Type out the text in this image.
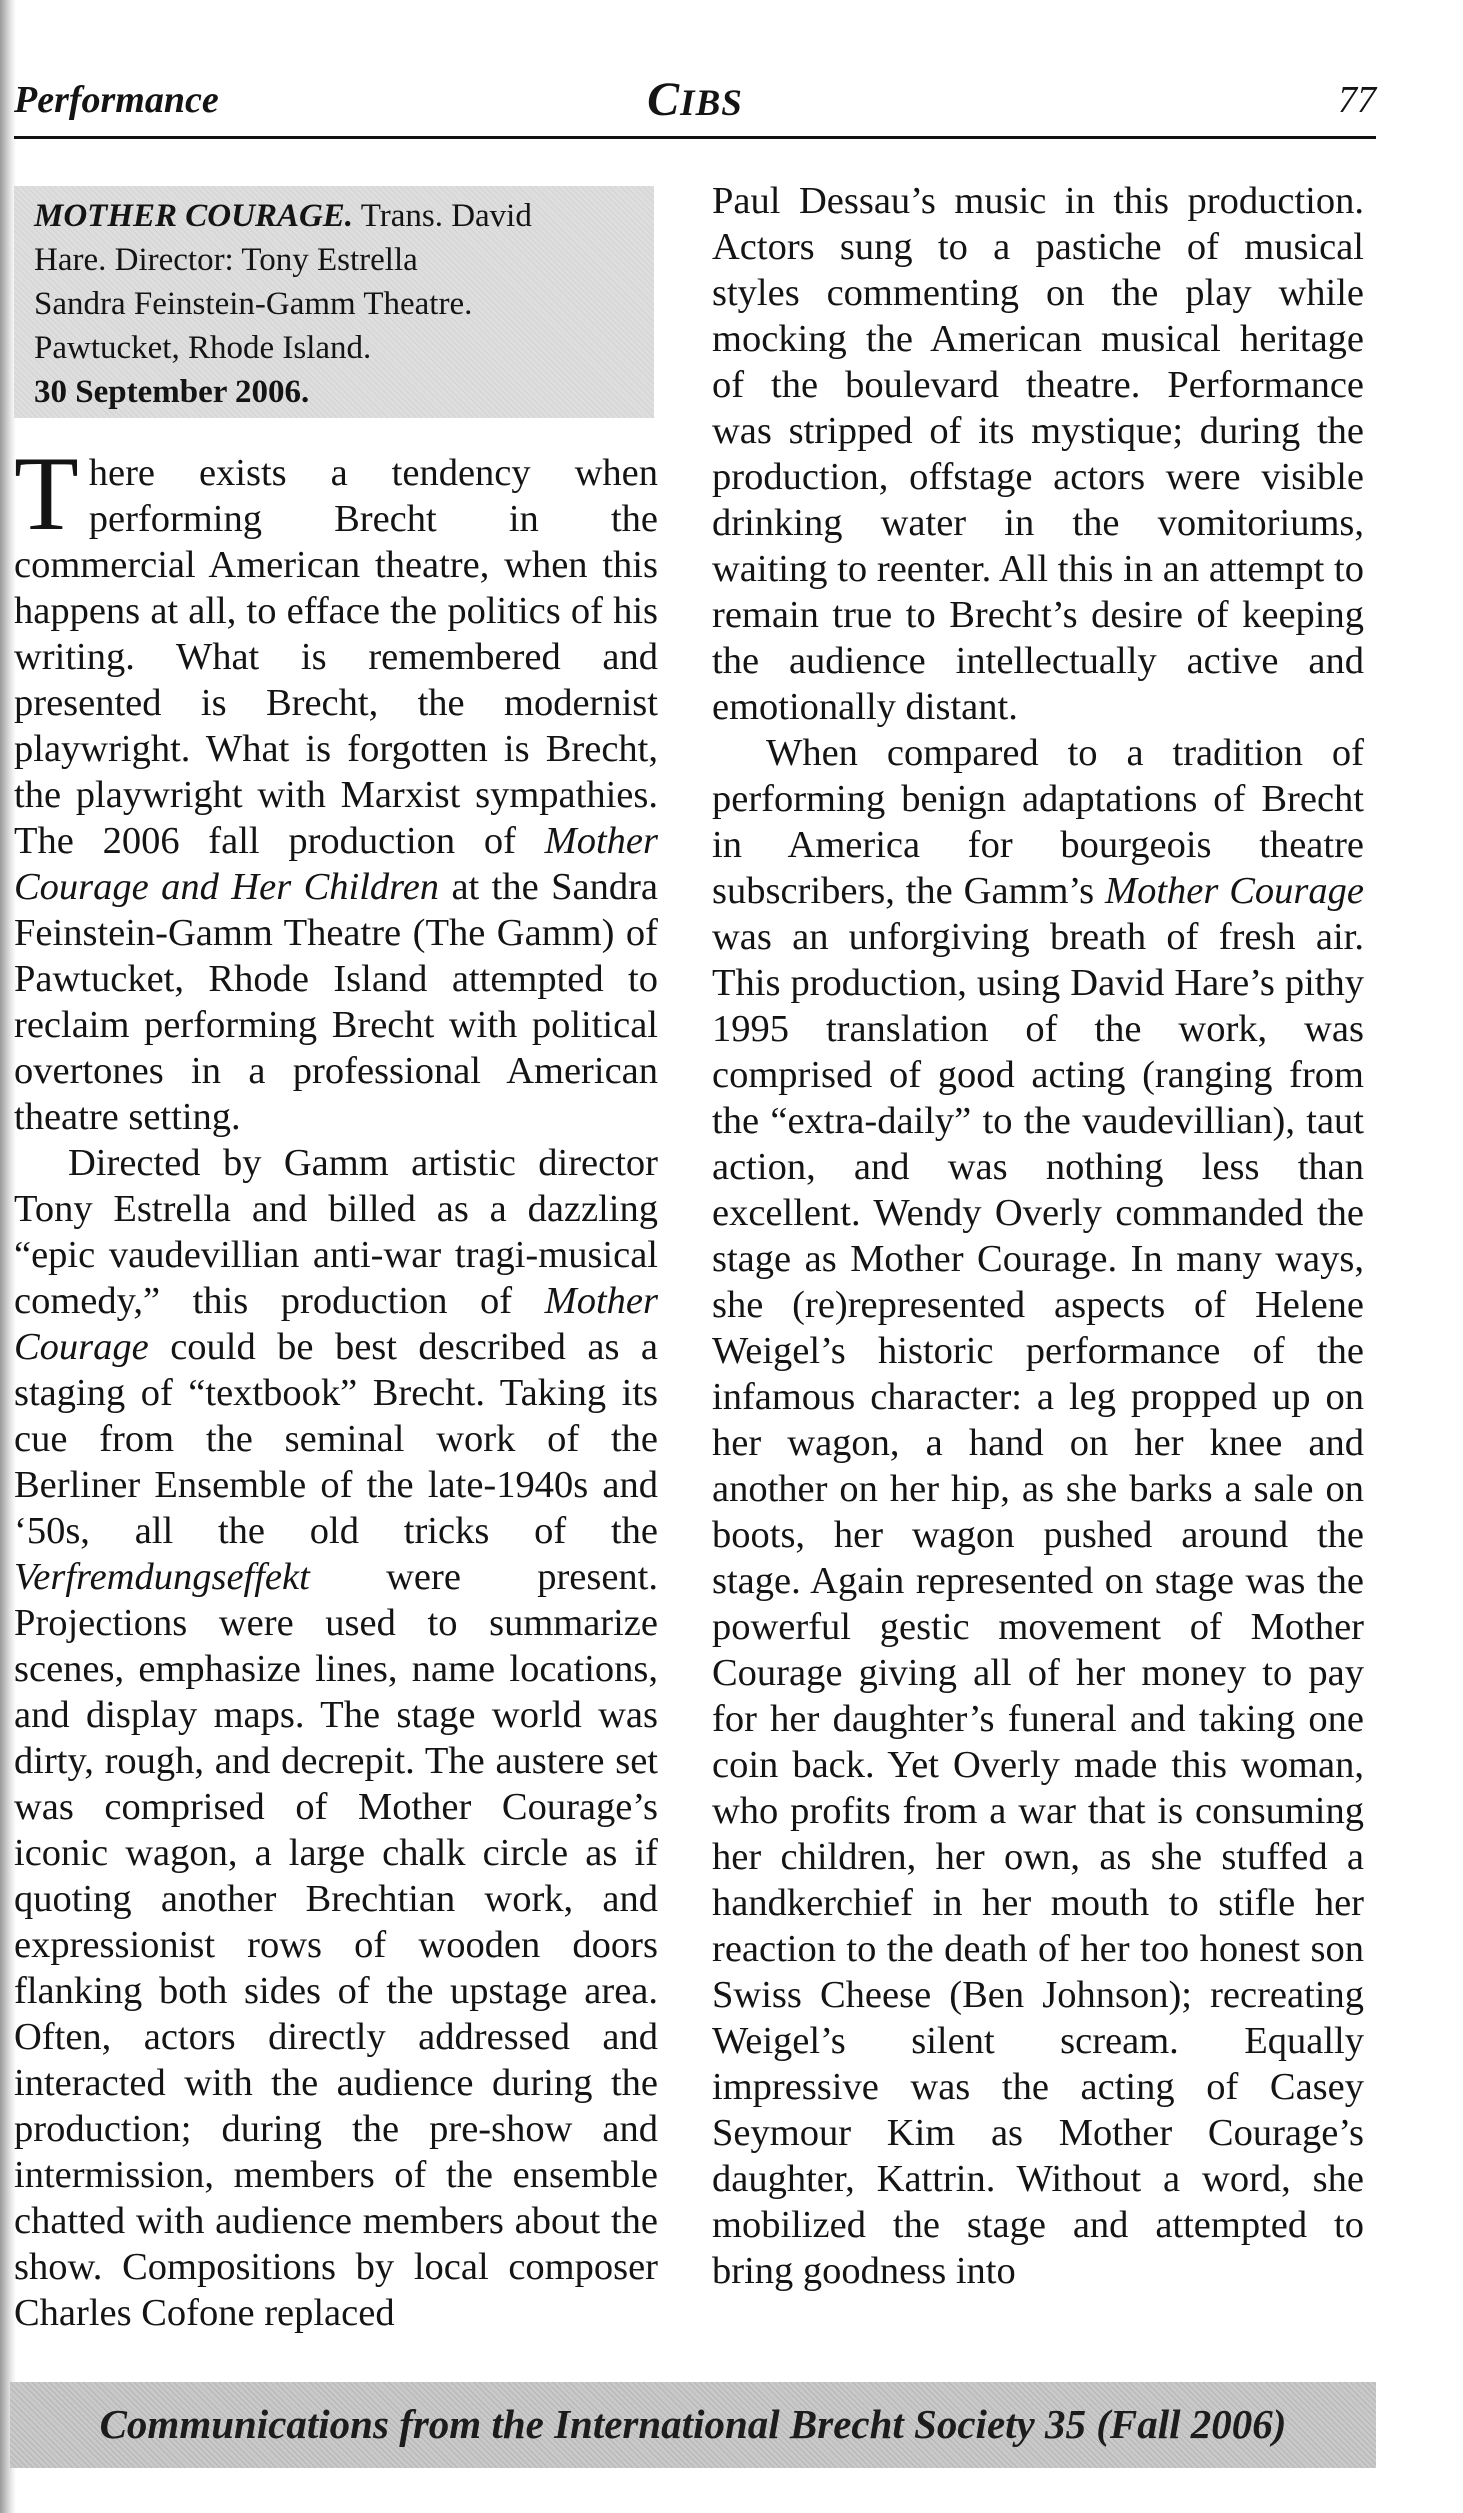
Performance	CIBS	77
MOTHER COURAGE. Trans. David
Hare. Director: Tony Estrella
Sandra Feinstein-Gamm Theatre.
Pawtucket, Rhode Island.
30 September 2006.

There exists a tendency when performing Brecht in the commercial American theatre, when this happens at all, to efface the politics of his writing. What is remembered and presented is Brecht, the modernist playwright. What is forgotten is Brecht, the playwright with Marxist sympathies. The 2006 fall production of Mother Courage and Her Children at the Sandra Feinstein-Gamm Theatre (The Gamm) of Pawtucket, Rhode Island attempted to reclaim performing Brecht with political overtones in a professional American theatre setting.

Directed by Gamm artistic director Tony Estrella and billed as a dazzling “epic vaudevillian anti-war tragi-musical comedy,” this production of Mother Courage could be best described as a staging of “textbook” Brecht. Taking its cue from the seminal work of the Berliner Ensemble of the late-1940s and ‘50s, all the old tricks of the Verfremdungseffekt were present. Projections were used to summarize scenes, emphasize lines, name locations, and display maps. The stage world was dirty, rough, and decrepit. The austere set was comprised of Mother Courage’s iconic wagon, a large chalk circle as if quoting another Brechtian work, and expressionist rows of wooden doors flanking both sides of the upstage area. Often, actors directly addressed and interacted with the audience during the production; during the pre-show and intermission, members of the ensemble chatted with audience members about the show. Compositions by local composer Charles Cofone replaced

Paul Dessau’s music in this production. Actors sung to a pastiche of musical styles commenting on the play while mocking the American musical heritage of the boulevard theatre. Performance was stripped of its mystique; during the production, offstage actors were visible drinking water in the vomitoriums, waiting to reenter. All this in an attempt to remain true to Brecht’s desire of keeping the audience intellectually active and emotionally distant.

When compared to a tradition of performing benign adaptations of Brecht in America for bourgeois theatre subscribers, the Gamm’s Mother Courage was an unforgiving breath of fresh air. This production, using David Hare’s pithy 1995 translation of the work, was comprised of good acting (ranging from the “extra-daily” to the vaudevillian), taut action, and was nothing less than excellent. Wendy Overly commanded the stage as Mother Courage. In many ways, she (re)represented aspects of Helene Weigel’s historic performance of the infamous character: a leg propped up on her wagon, a hand on her knee and another on her hip, as she barks a sale on boots, her wagon pushed around the stage. Again represented on stage was the powerful gestic movement of Mother Courage giving all of her money to pay for her daughter’s funeral and taking one coin back. Yet Overly made this woman, who profits from a war that is consuming her children, her own, as she stuffed a handkerchief in her mouth to stifle her reaction to the death of her too honest son Swiss Cheese (Ben Johnson); recreating Weigel’s silent scream. Equally impressive was the acting of Casey Seymour Kim as Mother Courage’s daughter, Kattrin. Without a word, she mobilized the stage and attempted to bring goodness into

Communications from the International Brecht Society 35 (Fall 2006)
